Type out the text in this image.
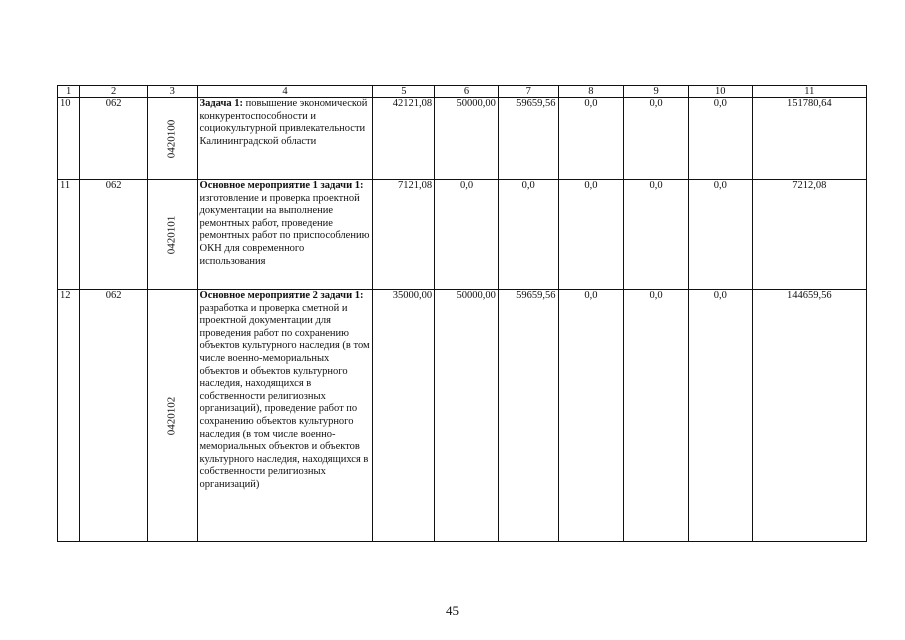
1	2	3	4	5	6	7	8	9	10	11
10	062	0420100	Задача 1: повышение экономической конкурентоспособности и социокультурной привлекательности Калининградской области	42121,08	50000,00	59659,56	0,0	0,0	0,0	151780,64
11	062	0420101	Основное мероприятие 1 задачи 1: изготовление и проверка проектной документации на выполнение ремонтных работ, проведение ремонтных работ по приспособлению ОКН для современного использования	7121,08	0,0	0,0	0,0	0,0	0,0	7212,08
12	062	0420102	Основное мероприятие 2 задачи 1: разработка и проверка сметной и проектной документации для проведения работ по сохранению объектов культурного наследия (в том числе военно-мемориальных объектов и объектов культурного наследия, находящихся в собственности религиозных организаций), проведение работ по сохранению объектов культурного наследия (в том числе военно-мемориальных объектов и объектов культурного наследия, находящихся в собственности религиозных организаций)	35000,00	50000,00	59659,56	0,0	0,0	0,0	144659,56
45
